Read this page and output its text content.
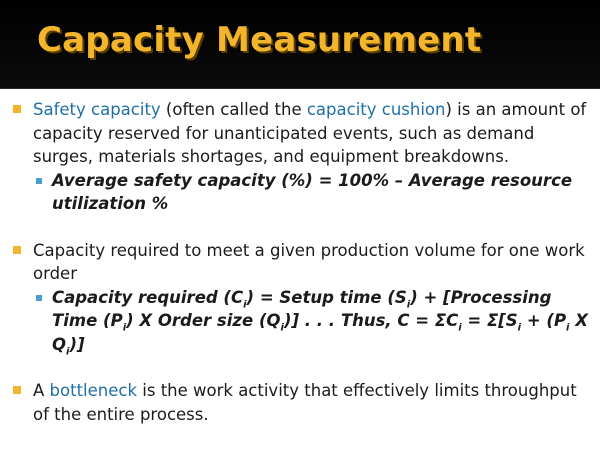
Capacity Measurement

Safety capacity (often called the capacity cushion) is an amount of capacity reserved for unanticipated events, such as demand surges, materials shortages, and equipment breakdowns.

Average safety capacity (%) = 100% – Average resource utilization %

Capacity required to meet a given production volume for one work order

Capacity required $(C_i)$ = Setup time $(S_i)$ + [Processing Time $(P_i)$ X Order size $(Q_i)$] . . . Thus, $C = \Sigma C_i = \Sigma[S_i + (P_i$ X $Q_i$)]

A bottleneck is the work activity that effectively limits throughput of the entire process.
